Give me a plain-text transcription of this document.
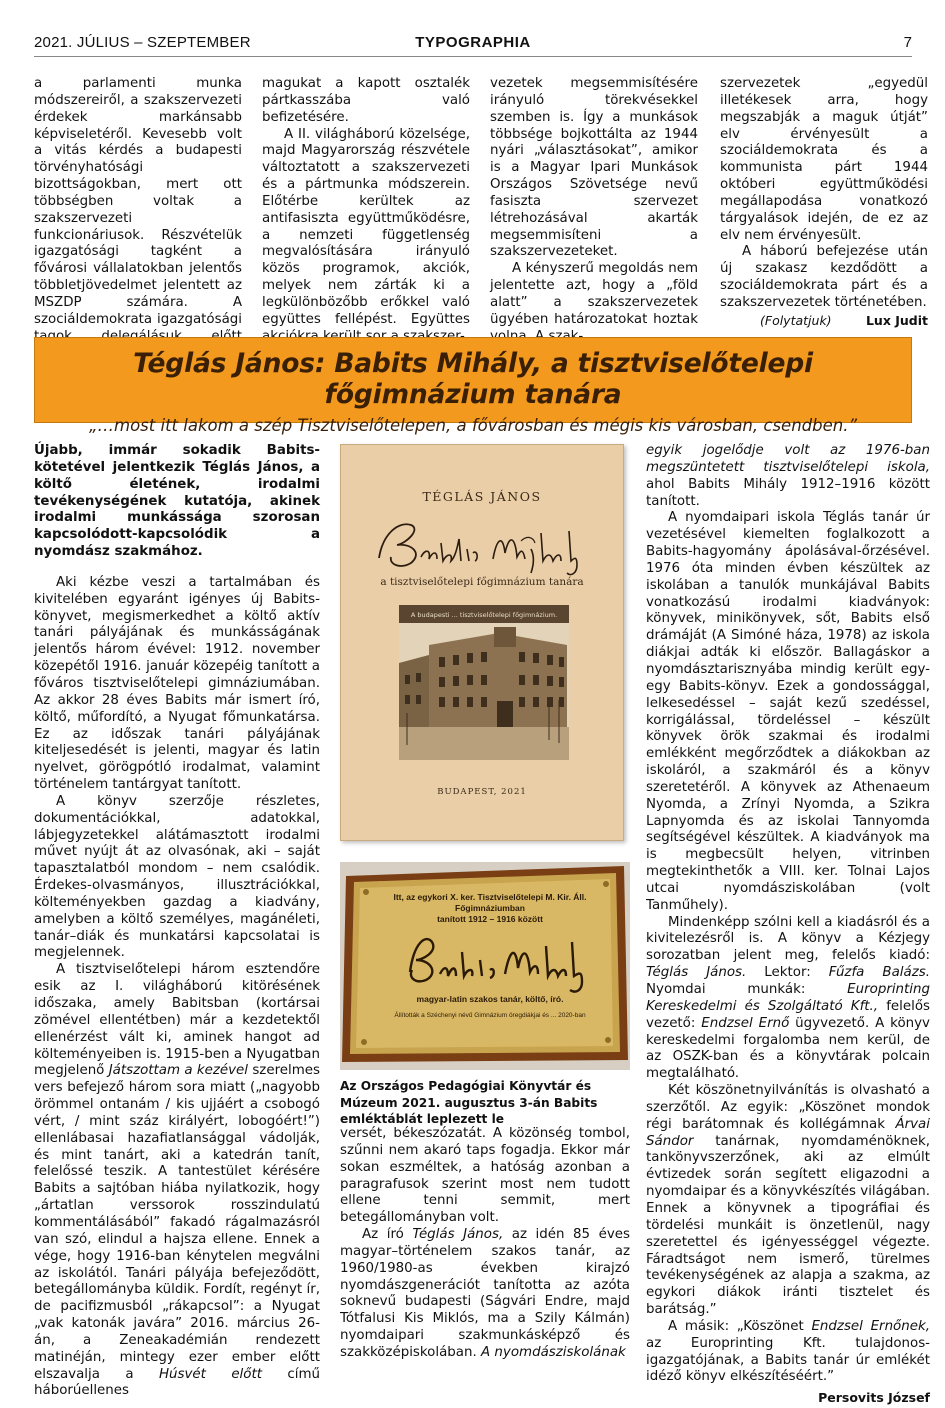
2021. JÚLIUS – SZEPTEMBER	TYPOGRAPHIA	7

a parlamenti munka módszereiről, a szakszervezeti érdekek markánsabb képviseletéről. Kevesebb volt a vitás kérdés a budapesti törvényhatósági bizottságokban, mert ott többségben voltak a szakszervezeti funkcionáriusok. Részvételük igazgatósági tagként a fővárosi vállalatokban jelentős többletjövedelmet jelentett az MSZDP számára. A szociáldemokrata igazgatósági

magukat a kapott osztalék pártkasszába való befizetésére.

A II. világháború közelsége, majd Magyarország részvétele változtatott a szakszervezeti és a pártmunka módszerein. Előtérbe kerültek az antifasiszta együttműködésre, a nemzeti függetlenség megvalósítására irányuló közös programok, akciók, melyek nem zárták ki a legkülönbözőbb erőkkel való együttes fellépést. Együttes

vezetek megsemmisítésére irányuló törekvésekkel szemben is. Így a munkások többsége bojkottálta az 1944 nyári „választásokat”, amikor is a Magyar Ipari Munkások Országos Szövetsége nevű fasiszta szervezet létrehozásával akarták megsemmisíteni a szakszervezeteket.

A kényszerű megoldás nem jelentette azt, hogy a „föld alatt” a szakszervezetek ügyében határozatokat hoztak

szervezetek „egyedül illetékesek arra, hogy megszabják a maguk útját” elv érvényesült a szociáldemokrata és a kommunista párt 1944 októberi együttműködési megállapodása vonatkozó tárgyalások idején, de ez az elv nem érvényesült.

A háború befejezése után új szakasz kezdődött a szociáldemokrata párt és a szakszervezetek történetében.

(Folytatjuk)	Lux Judit
Téglás János: Babits Mihály, a tisztviselőtelepi főgimnázium tanára
„…most itt lakom a szép Tisztviselőtelepen, a fővárosban és mégis kis városban, csendben.”

Újabb, immár sokadik Babits-kötetével jelentkezik Téglás János, a költő életének, irodalmi tevékenységének kutatója, akinek irodalmi munkássága szorosan kapcsolódott-kapcsolódik a nyomdász szakmához.

Aki kézbe veszi a tartalmában és kivitelében egyaránt igényes új Babits-könyvet, megismerkedhet a költő aktív tanári pályájának és munkásságának jelentős három évével: 1912. november közepétől 1916. január közepéig tanított a főváros tisztviselőtelepi gimnáziumában. Az akkor 28 éves Babits már ismert író, költő, műfordító, a Nyugat főmunkatársa. Ez az időszak tanári pályájának kiteljesedését is jelenti, magyar és latin nyelvet, görögpótló irodalmat, valamint történelem tantárgyat tanított.

A könyv szerzője részletes, dokumentációkkal, adatokkal, lábjegyzetekkel alátámasztott irodalmi művet nyújt át az olvasónak, aki – saját tapasztalatból mondom – nem csalódik. Érdekes-olvasmányos, illusztrációkkal, költeményekben gazdag a kiadvány, amelyben a költő személyes, magánéleti, tanár–diák és munkatársi kapcsolatai is megjelennek.

A tisztviselőtelepi három esztendőre esik az I. világháború kitörésének időszaka, amely Babitsban (kortársai zömével ellentétben) már a kezdetektől ellenérzést vált ki, aminek hangot ad költeményeiben is. 1915-ben a Nyugatban megjelenő Játszottam a kezével szerelmes vers befejező három sora miatt („nagyobb örömmel ontanám / kis ujjáért a csobogó vért, / mint száz királyért, lobogóért!”) ellenlábasai hazafiatlansággal vádolják, és mint tanárt, aki a katedrán tanít, felelőssé teszik. A tantestület kérésére Babits a sajtóban hiába nyilatkozik, hogy „ártatlan verssorok rosszindulatú kommentálásából” fakadó rágalmazásról van szó, elindul a hajsza ellene. Ennek a vége, hogy 1916-ban kénytelen megválni az iskolától. Tanári pályája befejeződött, betegállományba küldik. Fordít, regényt ír, de pacifizmusból „rákapcsol”: a Nyugat „vak katonák javára” 2016. március 26-án, a Zeneakadémián rendezett matinéján, mintegy ezer ember előtt elszavalja a Húsvét előtt című háborúellenes

TÉGLÁS JÁNOS
a tisztviselőtelepi főgimnázium tanára
A budapesti ... tisztviselőtelepi főgimnázium.
BUDAPEST, 2021
Itt, az egykori X. ker. Tisztviselőtelepi M. Kir. Áll. Főgimnáziumban
tanított 1912 – 1916 között
magyar-latin szakos tanár, költő, író.
Állították a Széchenyi névű Gimnázium öregdiákjai és ... 2020-ban
Az Országos Pedagógiai Könyvtár és Múzeum 2021. augusztus 3-án Babits emléktáblát leplezett le

versét, békeszózatát. A közönség tombol, szűnni nem akaró taps fogadja. Ekkor már sokan eszméltek, a hatóság azonban a paragrafusok szerint most nem tudott ellene tenni semmit, mert betegállományban volt.

Az író Téglás János, az idén 85 éves magyar–történelem szakos tanár, az 1960/1980-as években kirajzó nyomdászgenerációt tanította az azóta soknevű budapesti (Ságvári Endre, majd Tótfalusi Kis Miklós, ma a Szily Kálmán) nyomdaipari szakmunkásképző és szakközépiskolában. A nyomdásziskolának

egyik jogelődje volt az 1976-ban megszüntetett tisztviselőtelepi iskola, ahol Babits Mihály 1912–1916 között tanított.

A nyomdaipari iskola Téglás tanár úr vezetésével kiemelten foglalkozott a Babits-hagyomány ápolásával-őrzésével. 1976 óta minden évben készültek az iskolában a tanulók munkájával Babits vonatkozású irodalmi kiadványok: könyvek, minikönyvek, sőt, Babits első drámáját (A Simóné háza, 1978) az iskola diákjai adták ki először. Ballagáskor a nyomdásztarisznyába mindig került egy-egy Babits-könyv. Ezek a gondossággal, lelkesedéssel – saját kezű szedéssel, korrigálással, tördeléssel – készült könyvek örök szakmai és irodalmi emlékként megőrződtek a diákokban az iskoláról, a szakmáról és a könyv szeretetéről. A könyvek az Athenaeum Nyomda, a Zrínyi Nyomda, a Szikra Lapnyomda és az iskolai Tannyomda segítségével készültek. A kiadványok ma is megbecsült helyen, vitrinben megtekinthetők a VIII. ker. Tolnai Lajos utcai nyomdásziskolában (volt Tanműhely).

Mindenképp szólni kell a kiadásról és a kivitelezésről is. A könyv a Kézjegy sorozatban jelent meg, felelős kiadó: Téglás János. Lektor: Fűzfa Balázs. Nyomdai munkák: Europrinting Kereskedelmi és Szolgáltató Kft., felelős vezető: Endzsel Ernő ügyvezető. A könyv kereskedelmi forgalomba nem kerül, de az OSZK-ban és a könyvtárak polcain megtalálható.

Két köszönetnyilvánítás is olvasható a szerzőtől. Az egyik: „Köszönet mondok régi barátomnak és kollégámnak Árvai Sándor tanárnak, nyomdaménöknek, tankönyvszerzőnek, aki az elmúlt évtizedek során segített eligazodni a nyomdaipar és a könyvkészítés világában. Ennek a könyvnek a tipográfiai és tördelési munkáit is önzetlenül, nagy szeretettel és igényességgel végezte. Fáradtságot nem ismerő, türelmes tevékenységének az alapja a szakma, az egykori diákok iránti tisztelet és barátság.”

A másik: „Köszönet Endzsel Ernőnek, az Europrinting Kft. tulajdonos-igazgatójának, a Babits tanár úr emlékét idéző könyv elkészítéséért.”

Persovits József
